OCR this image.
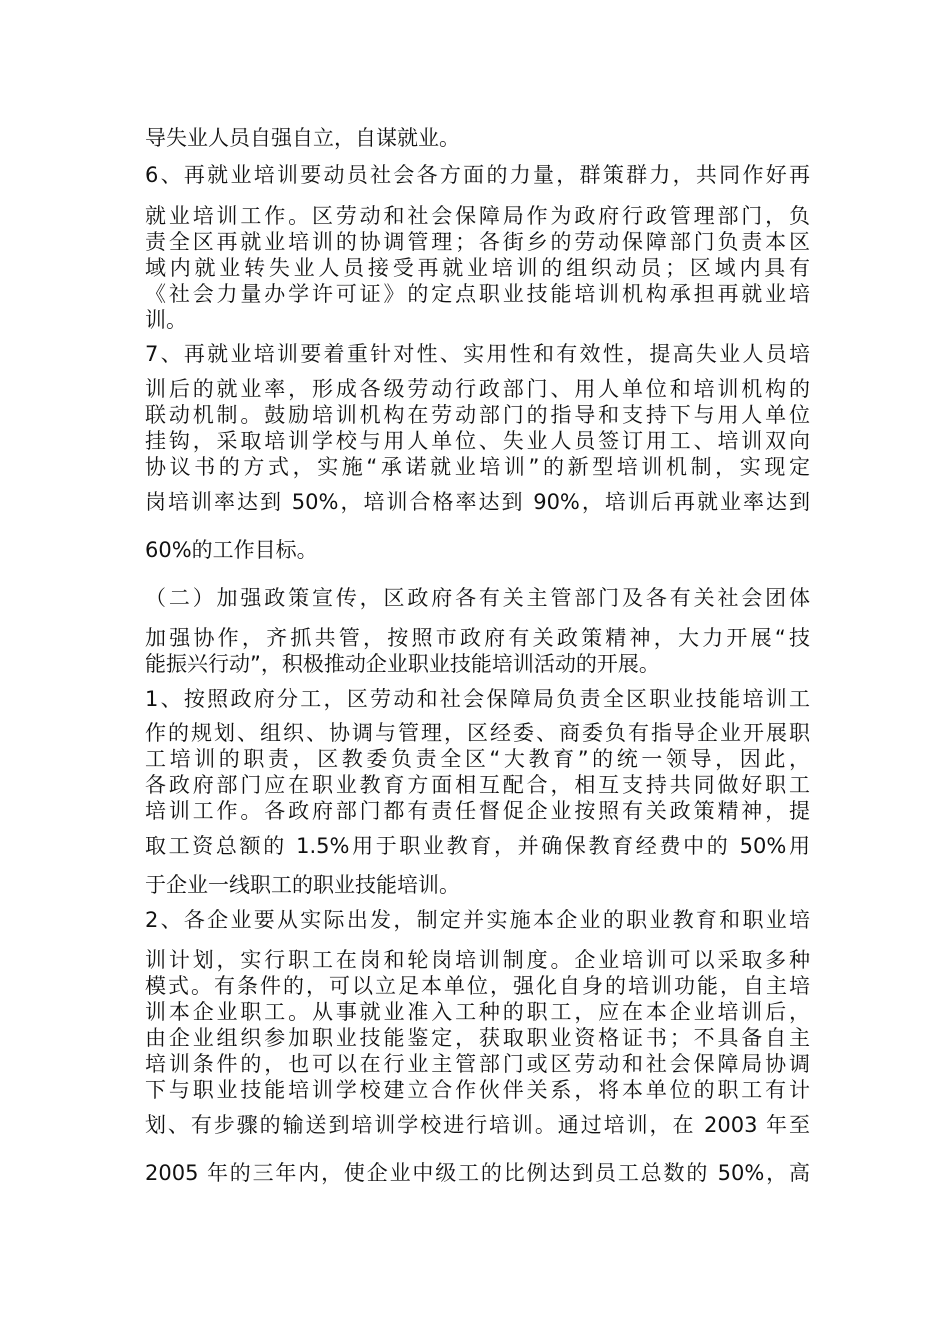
导失业人员自强自立，自谋就业。
6、再就业培训要动员社会各方面的力量，群策群力，共同作好再
就业培训工作。区劳动和社会保障局作为政府行政管理部门，负
责全区再就业培训的协调管理；各街乡的劳动保障部门负责本区
域内就业转失业人员接受再就业培训的组织动员；区域内具有
《社会力量办学许可证》的定点职业技能培训机构承担再就业培
训。
7、再就业培训要着重针对性、实用性和有效性，提高失业人员培
训后的就业率，形成各级劳动行政部门、用人单位和培训机构的
联动机制。鼓励培训机构在劳动部门的指导和支持下与用人单位
挂钩，采取培训学校与用人单位、失业人员签订用工、培训双向
协议书的方式，实施“承诺就业培训”的新型培训机制，实现定
岗培训率达到 50%，培训合格率达到 90%，培训后再就业率达到
60%的工作目标。
（二）加强政策宣传，区政府各有关主管部门及各有关社会团体
加强协作，齐抓共管，按照市政府有关政策精神，大力开展“技
能振兴行动”，积极推动企业职业技能培训活动的开展。
1、按照政府分工，区劳动和社会保障局负责全区职业技能培训工
作的规划、组织、协调与管理，区经委、商委负有指导企业开展职
工培训的职责，区教委负责全区“大教育”的统一领导，因此，
各政府部门应在职业教育方面相互配合，相互支持共同做好职工
培训工作。各政府部门都有责任督促企业按照有关政策精神，提
取工资总额的 1.5%用于职业教育，并确保教育经费中的 50%用
于企业一线职工的职业技能培训。
2、各企业要从实际出发，制定并实施本企业的职业教育和职业培
训计划，实行职工在岗和轮岗培训制度。企业培训可以采取多种
模式。有条件的，可以立足本单位，强化自身的培训功能，自主培
训本企业职工。从事就业准入工种的职工，应在本企业培训后，
由企业组织参加职业技能鉴定，获取职业资格证书；不具备自主
培训条件的，也可以在行业主管部门或区劳动和社会保障局协调
下与职业技能培训学校建立合作伙伴关系，将本单位的职工有计
划、有步骤的输送到培训学校进行培训。通过培训，在 2003 年至
2005 年的三年内，使企业中级工的比例达到员工总数的 50%，高
